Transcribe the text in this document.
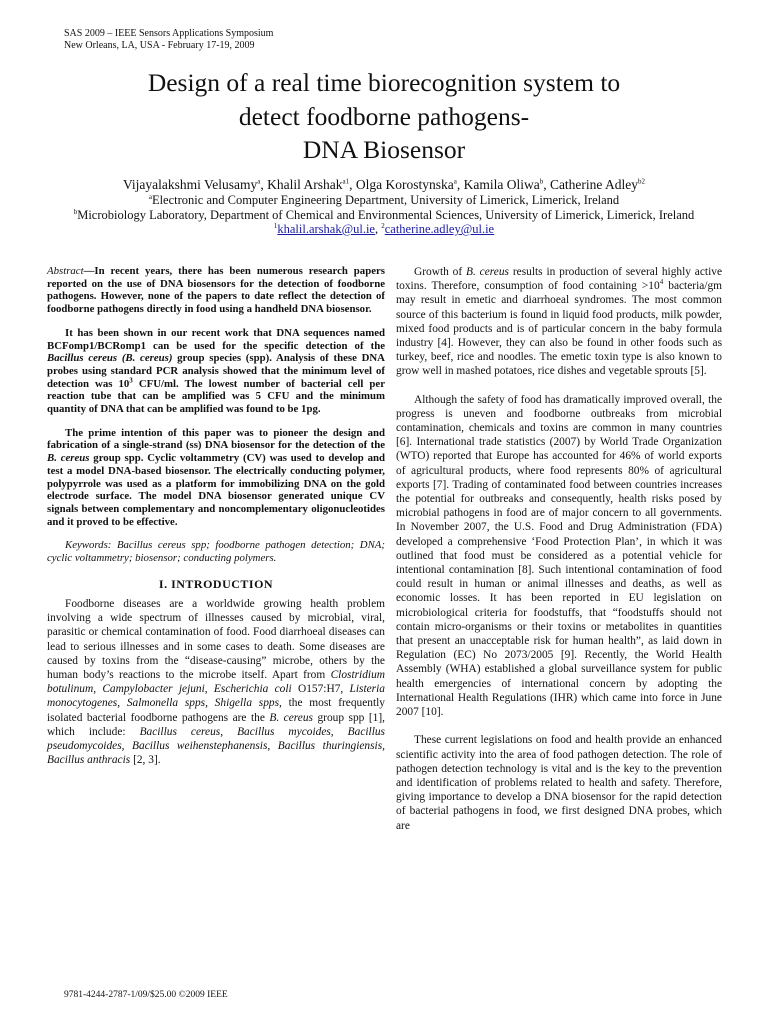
SAS 2009 – IEEE Sensors Applications Symposium
New Orleans, LA, USA - February 17-19, 2009
Design of a real time biorecognition system to
detect foodborne pathogens-
DNA Biosensor
Vijayalakshmi Velusamy$^a$, Khalil Arshak$^{a1}$, Olga Korostynska$^a$, Kamila Oliwa$^b$, Catherine Adley$^{b2}$
$^a$Electronic and Computer Engineering Department, University of Limerick, Limerick, Ireland
$^b$Microbiology Laboratory, Department of Chemical and Environmental Sciences, University of Limerick, Limerick, Ireland
$^1$khalil.arshak@ul.ie, $^2$catherine.adley@ul.ie

Abstract—In recent years, there has been numerous research papers reported on the use of DNA biosensors for the detection of foodborne pathogens. However, none of the papers to date reflect the detection of foodborne pathogens directly in food using a handheld DNA biosensor.

It has been shown in our recent work that DNA sequences named BCFomp1/BCRomp1 can be used for the specific detection of the Bacillus cereus (B. cereus) group species (spp). Analysis of these DNA probes using standard PCR analysis showed that the minimum level of detection was $10^3$ CFU/ml. The lowest number of bacterial cell per reaction tube that can be amplified was 5 CFU and the minimum quantity of DNA that can be amplified was found to be 1pg.

The prime intention of this paper was to pioneer the design and fabrication of a single-strand (ss) DNA biosensor for the detection of the B. cereus group spp. Cyclic voltammetry (CV) was used to develop and test a model DNA-based biosensor. The electrically conducting polymer, polypyrrole was used as a platform for immobilizing DNA on the gold electrode surface. The model DNA biosensor generated unique CV signals between complementary and noncomplementary oligonucleotides and it proved to be effective.

Keywords: Bacillus cereus spp; foodborne pathogen detection; DNA; cyclic voltammetry; biosensor; conducting polymers.

I. INTRODUCTION

Foodborne diseases are a worldwide growing health problem involving a wide spectrum of illnesses caused by microbial, viral, parasitic or chemical contamination of food. Food diarrhoeal diseases can lead to serious illnesses and in some cases to death. Some diseases are caused by toxins from the “disease-causing” microbe, others by the human body’s reactions to the microbe itself. Apart from Clostridium botulinum, Campylobacter jejuni, Escherichia coli O157:H7, Listeria monocytogenes, Salmonella spps, Shigella spps, the most frequently isolated bacterial foodborne pathogens are the B. cereus group spp [1], which include: Bacillus cereus, Bacillus mycoides, Bacillus pseudomycoides, Bacillus weihenstephanensis, Bacillus thuringiensis, Bacillus anthracis [2, 3].

Growth of B. cereus results in production of several highly active toxins. Therefore, consumption of food containing $>10^4$ bacteria/gm may result in emetic and diarrhoeal syndromes. The most common source of this bacterium is found in liquid food products, milk powder, mixed food products and is of particular concern in the baby formula industry [4]. However, they can also be found in other foods such as turkey, beef, rice and noodles. The emetic toxin type is also known to grow well in mashed potatoes, rice dishes and vegetable sprouts [5].

Although the safety of food has dramatically improved overall, the progress is uneven and foodborne outbreaks from microbial contamination, chemicals and toxins are common in many countries [6]. International trade statistics (2007) by World Trade Organization (WTO) reported that Europe has accounted for 46% of world exports of agricultural products, where food represents 80% of agricultural exports [7]. Trading of contaminated food between countries increases the potential for outbreaks and consequently, health risks posed by microbial pathogens in food are of major concern to all governments. In November 2007, the U.S. Food and Drug Administration (FDA) developed a comprehensive ‘Food Protection Plan’, in which it was outlined that food must be considered as a potential vehicle for intentional contamination [8]. Such intentional contamination of food could result in human or animal illnesses and deaths, as well as economic losses. It has been reported in EU legislation on microbiological criteria for foodstuffs, that “foodstuffs should not contain micro-organisms or their toxins or metabolites in quantities that present an unacceptable risk for human health”, as laid down in Regulation (EC) No 2073/2005 [9]. Recently, the World Health Assembly (WHA) established a global surveillance system for public health emergencies of international concern by adopting the International Health Regulations (IHR) which came into force in June 2007 [10].

These current legislations on food and health provide an enhanced scientific activity into the area of food pathogen detection. The role of pathogen detection technology is vital and is the key to the prevention and identification of problems related to health and safety. Therefore, giving importance to develop a DNA biosensor for the rapid detection of bacterial pathogens in food, we first designed DNA probes, which are

9781-4244-2787-1/09/$25.00 ©2009 IEEE
